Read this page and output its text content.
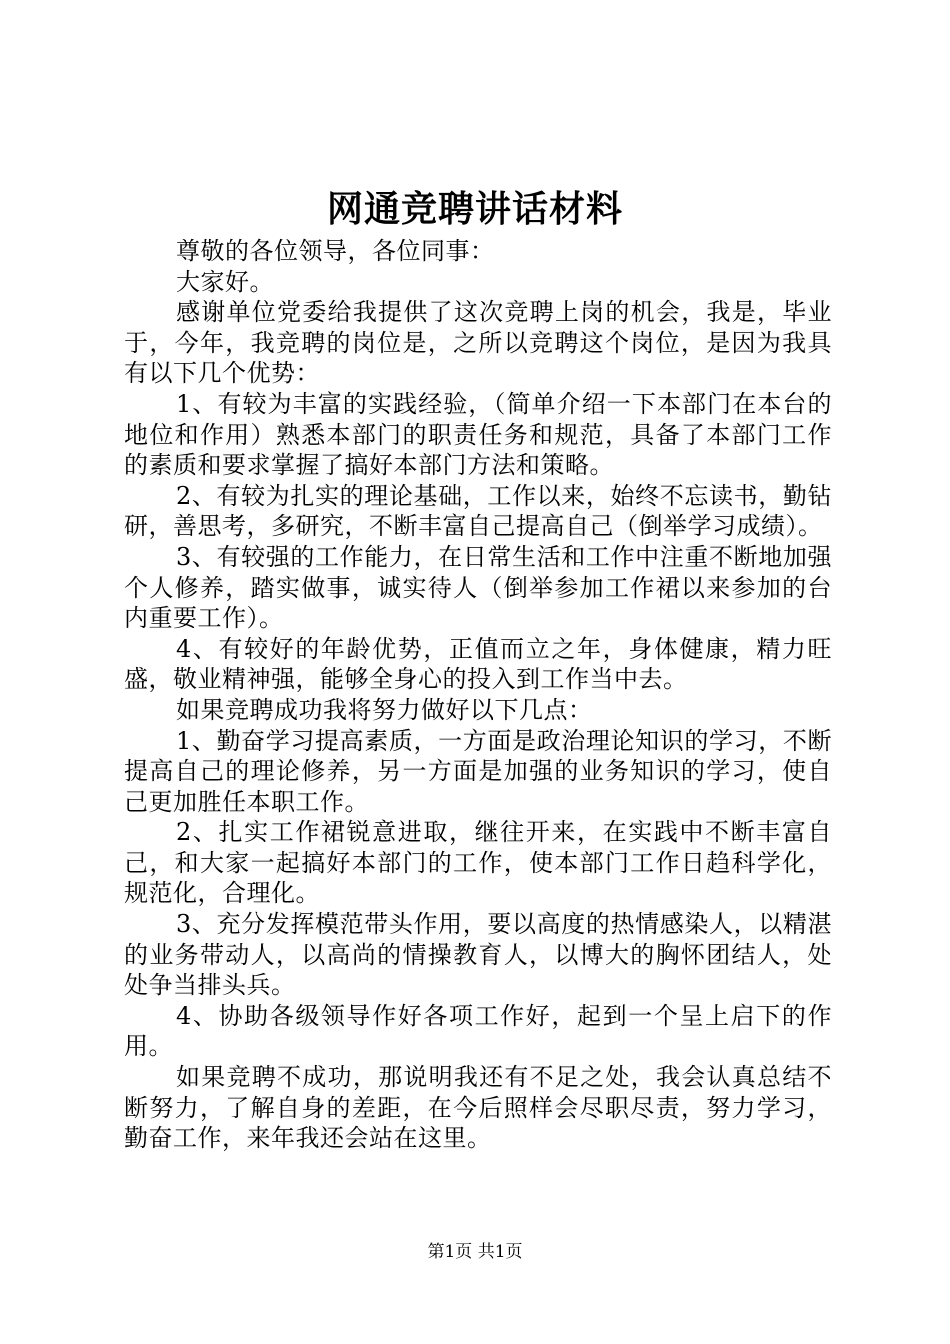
网通竞聘讲话材料

尊敬的各位领导，各位同事：

大家好。

感谢单位党委给我提供了这次竞聘上岗的机会，我是，毕业于，今年，我竞聘的岗位是，之所以竞聘这个岗位，是因为我具有以下几个优势：

1、有较为丰富的实践经验，（简单介绍一下本部门在本台的地位和作用）熟悉本部门的职责任务和规范，具备了本部门工作的素质和要求掌握了搞好本部门方法和策略。

2、有较为扎实的理论基础，工作以来，始终不忘读书，勤钻研，善思考，多研究，不断丰富自己提高自己（倒举学习成绩）。

3、有较强的工作能力，在日常生活和工作中注重不断地加强个人修养，踏实做事，诚实待人（倒举参加工作裙以来参加的台内重要工作）。

4、有较好的年龄优势，正值而立之年，身体健康，精力旺盛，敬业精神强，能够全身心的投入到工作当中去。

如果竞聘成功我将努力做好以下几点：

1、勤奋学习提高素质，一方面是政治理论知识的学习，不断提高自己的理论修养，另一方面是加强的业务知识的学习，使自己更加胜任本职工作。

2、扎实工作裙锐意进取，继往开来，在实践中不断丰富自己，和大家一起搞好本部门的工作，使本部门工作日趋科学化，规范化，合理化。

3、充分发挥模范带头作用，要以高度的热情感染人，以精湛的业务带动人，以高尚的情操教育人，以博大的胸怀团结人，处处争当排头兵。

4、协助各级领导作好各项工作好，起到一个呈上启下的作用。

如果竞聘不成功，那说明我还有不足之处，我会认真总结不断努力，了解自身的差距，在今后照样会尽职尽责，努力学习，勤奋工作，来年我还会站在这里。

第1页 共1页
